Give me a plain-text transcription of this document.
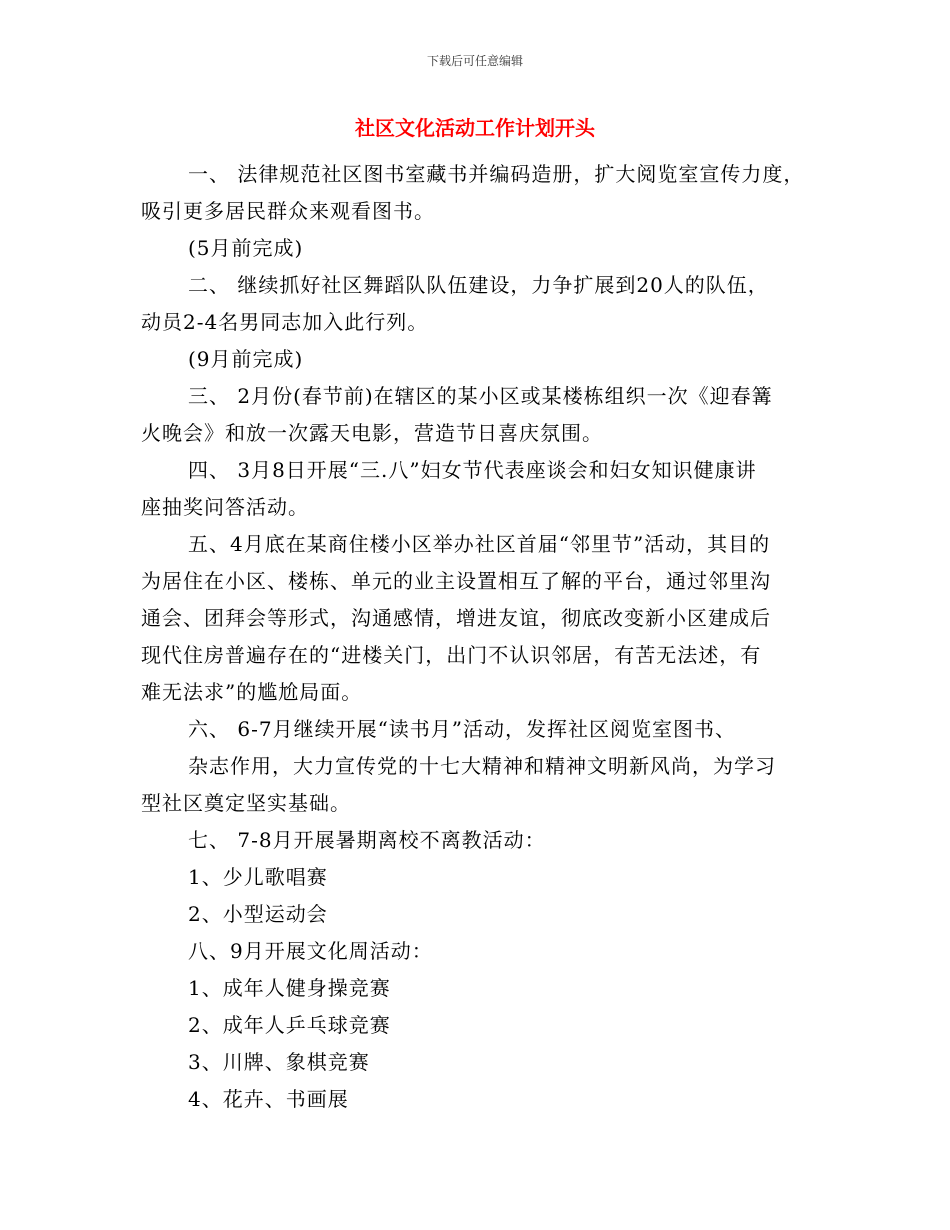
下载后可任意编辑
社区文化活动工作计划开头
一、 法律规范社区图书室藏书并编码造册，扩大阅览室宣传力度，
吸引更多居民群众来观看图书。
(5月前完成)
二、 继续抓好社区舞蹈队队伍建设，力争扩展到20人的队伍，
动员2-4名男同志加入此行列。
(9月前完成)
三、 2月份(春节前)在辖区的某小区或某楼栋组织一次《迎春篝
火晚会》和放一次露天电影，营造节日喜庆氛围。
四、 3月8日开展“三.八”妇女节代表座谈会和妇女知识健康讲
座抽奖问答活动。
五、4月底在某商住楼小区举办社区首届“邻里节”活动，其目的
为居住在小区、楼栋、单元的业主设置相互了解的平台，通过邻里沟
通会、团拜会等形式，沟通感情，增进友谊，彻底改变新小区建成后
现代住房普遍存在的“进楼关门，出门不认识邻居，有苦无法述，有
难无法求”的尴尬局面。
六、 6-7月继续开展“读书月”活动，发挥社区阅览室图书、
杂志作用，大力宣传党的十七大精神和精神文明新风尚，为学习
型社区奠定坚实基础。
七、 7-8月开展暑期离校不离教活动：
1、少儿歌唱赛
2、小型运动会
八、9月开展文化周活动：
1、成年人健身操竞赛
2、成年人乒乓球竞赛
3、川牌、象棋竞赛
4、花卉、书画展
